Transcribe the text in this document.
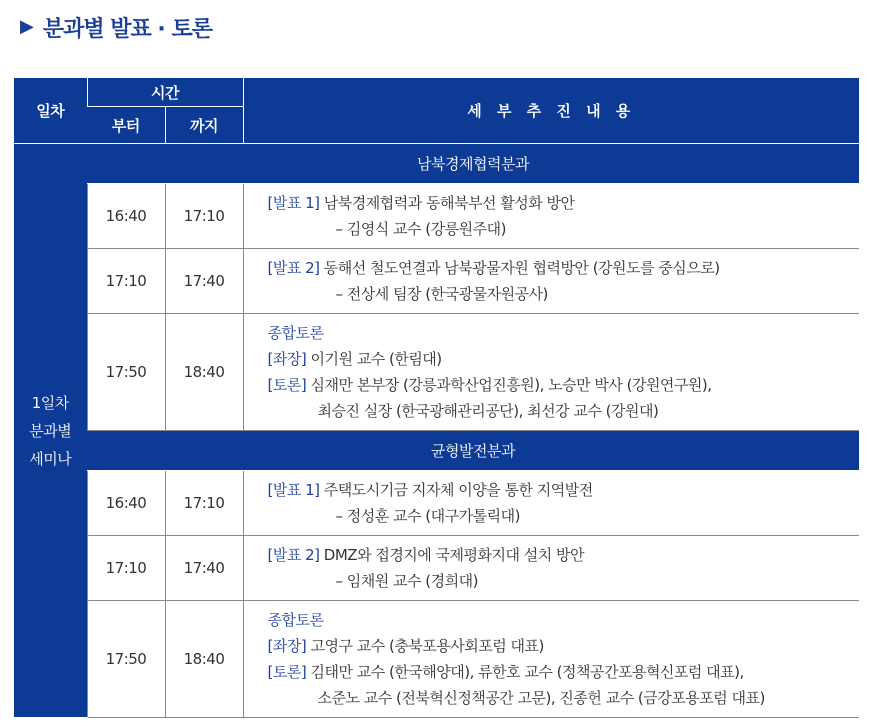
▶ 분과별 발표 · 토론
일차	시간		세 부 추 진 내 용
	부터	까지	

1일차
분과별
세미나	남북경제협력분과		
	16:40	17:10	[발표 1] 남북경제협력과 동해북부선 활성화 방안
– 김영식 교수 (강릉원주대)

	17:10	17:40	[발표 2] 동해선 철도연결과 남북광물자원 협력방안 (강원도를 중심으로)
– 전상세 팀장 (한국광물자원공사)

	17:50	18:40	종합토론
[좌장] 이기원 교수 (한림대)
[토론] 심재만 본부장 (강릉과학산업진흥원), 노승만 박사 (강원연구원),
최승진 실장 (한국광해관리공단), 최선강 교수 (강원대)

	균형발전분과		
	16:40	17:10	[발표 1] 주택도시기금 지자체 이양을 통한 지역발전
– 정성훈 교수 (대구가톨릭대)

	17:10	17:40	[발표 2] DMZ와 접경지에 국제평화지대 설치 방안
– 임채원 교수 (경희대)

	17:50	18:40	종합토론
[좌장] 고영구 교수 (충북포용사회포럼 대표)
[토론] 김태만 교수 (한국해양대), 류한호 교수 (정책공간포용혁신포럼 대표),
소준노 교수 (전북혁신정책공간 고문), 진종헌 교수 (금강포용포럼 대표)
